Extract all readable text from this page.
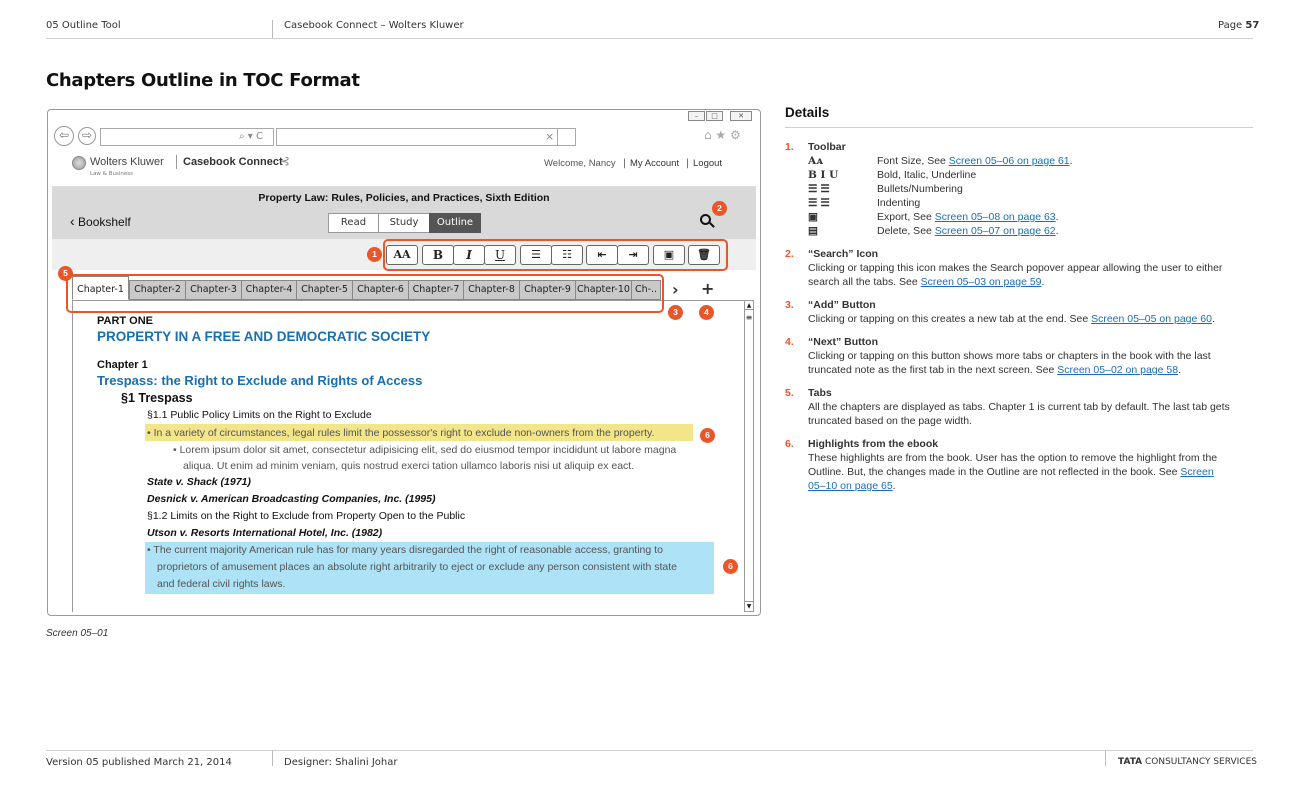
05 Outline Tool	Casebook Connect – Wolters Kluwer	Page 57
Chapters Outline in TOC Format
–	□	✕
⇦	⇨	⌕ ▾ C	×	⌂ ★ ⚙
Wolters Kluwer
Law & Business
Casebook Connect
⊰	Welcome, Nancy | My Account | Logout
Property Law: Rules, Policies, and Practices, Sixth Edition
‹ Bookshelf	Read	Study	Outline
AA	B	I	U	☰	☷	⇤	⇥	▣	🗑
Chapter-1	Chapter-2 Chapter-3 Chapter-4 Chapter-5 Chapter-6 Chapter-7 Chapter-8 Chapter-9 Chapter-10 Ch-.. › +
PART ONE
PROPERTY IN A FREE AND DEMOCRATIC SOCIETY
Chapter 1
Trespass: the Right to Exclude and Rights of Access
§1 Trespass
§1.1 Public Policy Limits on the Right to Exclude
• In a variety of circumstances, legal rules limit the possessor's right to exclude non-owners from the property.
• Lorem ipsum dolor sit amet, consectetur adipisicing elit, sed do eiusmod tempor incididunt ut labore magna
aliqua. Ut enim ad minim veniam, quis nostrud exerci tation ullamco laboris nisi ut aliquip ex eact.
State v. Shack (1971)
Desnick v. American Broadcasting Companies, Inc. (1995)
§1.2 Limits on the Right to Exclude from Property Open to the Public
Utson v. Resorts International Hotel, Inc. (1982)
• The current majority American rule has for many years disregarded the right of reasonable access, granting to
proprietors of amusement places an absolute right arbitrarily to eject or exclude any person consistent with state
and federal civil rights laws.
▲
≡
▼
1
2
3	4
5
6
6
Screen 05–01
Details
1. Toolbar
Aᴀ	Font Size, See Screen 05–06 on page 61.
B I U	Bold, Italic, Underline
☰ ☰	Bullets/Numbering
☰ ☰	Indenting
▣	Export, See Screen 05–08 on page 63.
▤	Delete, See Screen 05–07 on page 62.
2. “Search” Icon
Clicking or tapping this icon makes the Search popover appear allowing the user to either
search all the tabs. See Screen 05–03 on page 59.
3. “Add” Button
Clicking or tapping on this creates a new tab at the end. See Screen 05–05 on page 60.
4. “Next” Button
Clicking or tapping on this button shows more tabs or chapters in the book with the last
truncated note as the first tab in the next screen. See Screen 05–02 on page 58.
5. Tabs
All the chapters are displayed as tabs. Chapter 1 is current tab by default. The last tab gets
truncated based on the page width.
6. Highlights from the ebook
These highlights are from the book. User has the option to remove the highlight from the
Outline. But, the changes made in the Outline are not reflected in the book. See Screen
05–10 on page 65.
Version 05 published March 21, 2014	Designer: Shalini Johar	TATA CONSULTANCY SERVICES
